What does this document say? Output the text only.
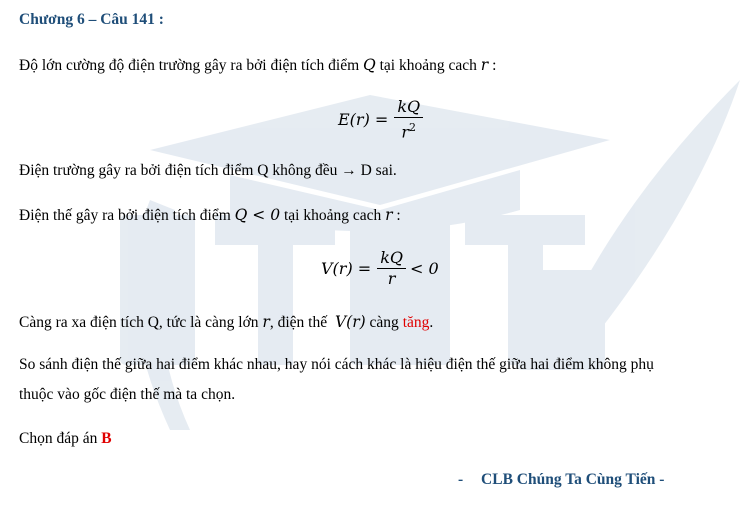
Chương 6 – Câu 141 :
Độ lớn cường độ điện trường gây ra bởi điện tích điểm Q tại khoảng cach r :
$E(r) = \frac{kQ}{r^2}$
Điện trường gây ra bởi điện tích điểm Q không đều → D sai.
Điện thế gây ra bởi điện tích điểm Q < 0 tại khoảng cach r :
$V(r) = \frac{kQ}{r} < 0$
Càng ra xa điện tích Q, tức là càng lớn r, điện thế V(r) càng tăng.
So sánh điện thế giữa hai điểm khác nhau, hay nói cách khác là hiệu điện thế giữa hai điểm không phụ
thuộc vào gốc điện thế mà ta chọn.
Chọn đáp án B
- CLB Chúng Ta Cùng Tiến -
